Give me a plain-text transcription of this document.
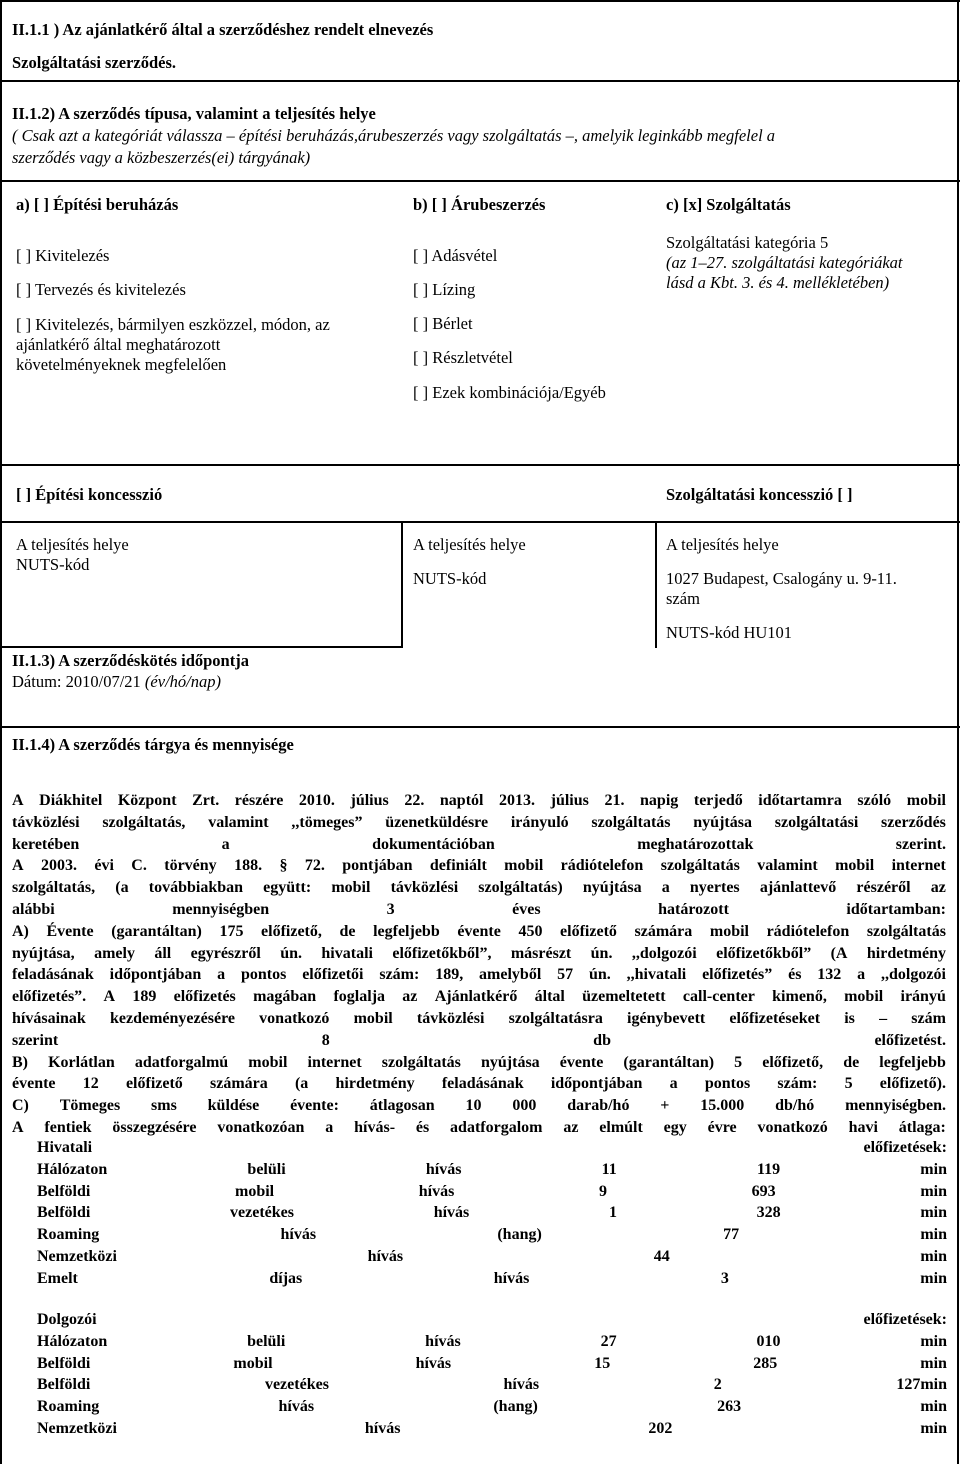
II.1.1 ) Az ajánlatkérő által a szerződéshez rendelt elnevezés
Szolgáltatási szerződés.
II.1.2) A szerződés típusa, valamint a teljesítés helye
( Csak azt a kategóriát válassza – építési beruházás,árubeszerzés vagy szolgáltatás –, amelyik leginkább megfelel a
szerződés vagy a közbeszerzés(ei) tárgyának)
a) [ ] Építési beruházás	b) [ ] Árubeszerzés	c) [x] Szolgáltatás
[ ] Kivitelezés
[ ] Tervezés és kivitelezés
[ ] Kivitelezés, bármilyen eszközzel, módon, az
ajánlatkérő által meghatározott
követelményeknek megfelelően
[ ] Adásvétel
[ ] Lízing
[ ] Bérlet
[ ] Részletvétel
[ ] Ezek kombinációja/Egyéb
Szolgáltatási kategória 5
(az 1–27. szolgáltatási kategóriákat
lásd a Kbt. 3. és 4. mellékletében)
[ ] Építési koncesszió	Szolgáltatási koncesszió [ ]
A teljesítés helye
NUTS-kód
A teljesítés helye
NUTS-kód
A teljesítés helye
1027 Budapest, Csalogány u. 9-11.
szám
NUTS-kód HU101
II.1.3) A szerződéskötés időpontja
Dátum: 2010/07/21 (év/hó/nap)
II.1.4) A szerződés tárgya és mennyisége
A Diákhitel Központ Zrt. részére 2010. július 22. naptól 2013. július 21. napig terjedő időtartamra szóló mobil
távközlési szolgáltatás, valamint ,,tömeges” üzenetküldésre irányuló szolgáltatás nyújtása szolgáltatási szerződés
keretében	a	dokumentációban	meghatározottak	szerint.
A 2003. évi C. törvény 188. § 72. pontjában definiált mobil rádiótelefon szolgáltatás valamint mobil internet
szolgáltatás, (a továbbiakban együtt: mobil távközlési szolgáltatás) nyújtása a nyertes ajánlattevő részéről az
alábbi	mennyiségben	3	éves	határozott	időtartamban:
A) Évente (garantáltan) 175 előfizető, de legfeljebb évente 450 előfizető számára mobil rádiótelefon szolgáltatás
nyújtása, amely áll egyrészről ún. hivatali előfizetőkből”, másrészt ún. ,,dolgozói előfizetőkből” (A hirdetmény
feladásának időpontjában a pontos előfizetői szám: 189, amelyből 57 ún. ,,hivatali előfizetés” és 132 a ,,dolgozói
előfizetés”. A 189 előfizetés magában foglalja az Ajánlatkérő által üzemeltetett call-center kimenő, mobil irányú
hívásainak kezdeményezésére vonatkozó mobil távközlési szolgáltatásra igénybevett előfizetéseket is – szám
szerint	8	db	előfizetést.
B) Korlátlan adatforgalmú mobil internet szolgáltatás nyújtása évente (garantáltan) 5 előfizető, de legfeljebb
évente 12 előfizető számára (a hirdetmény feladásának időpontjában a pontos szám: 5 előfizető).
C) Tömeges sms küldése évente: átlagosan 10 000 darab/hó + 15.000 db/hó mennyiségben.
A fentiek összegzésére vonatkozóan a hívás- és adatforgalom az elmúlt egy évre vonatkozó havi átlaga:
Hivatali	előfizetések:
Hálózaton	belüli	hívás	11	119	min
Belföldi	mobil	hívás	9	693	min
Belföldi	vezetékes	hívás	1	328	min
Roaming	hívás	(hang)	77	min
Nemzetközi	hívás	44	min
Emelt	díjas	hívás	3	min
Dolgozói	előfizetések:
Hálózaton	belüli	hívás	27	010	min
Belföldi	mobil	hívás	15	285	min
Belföldi	vezetékes	hívás	2	127min
Roaming	hívás	(hang)	263	min
Nemzetközi	hívás	202	min
